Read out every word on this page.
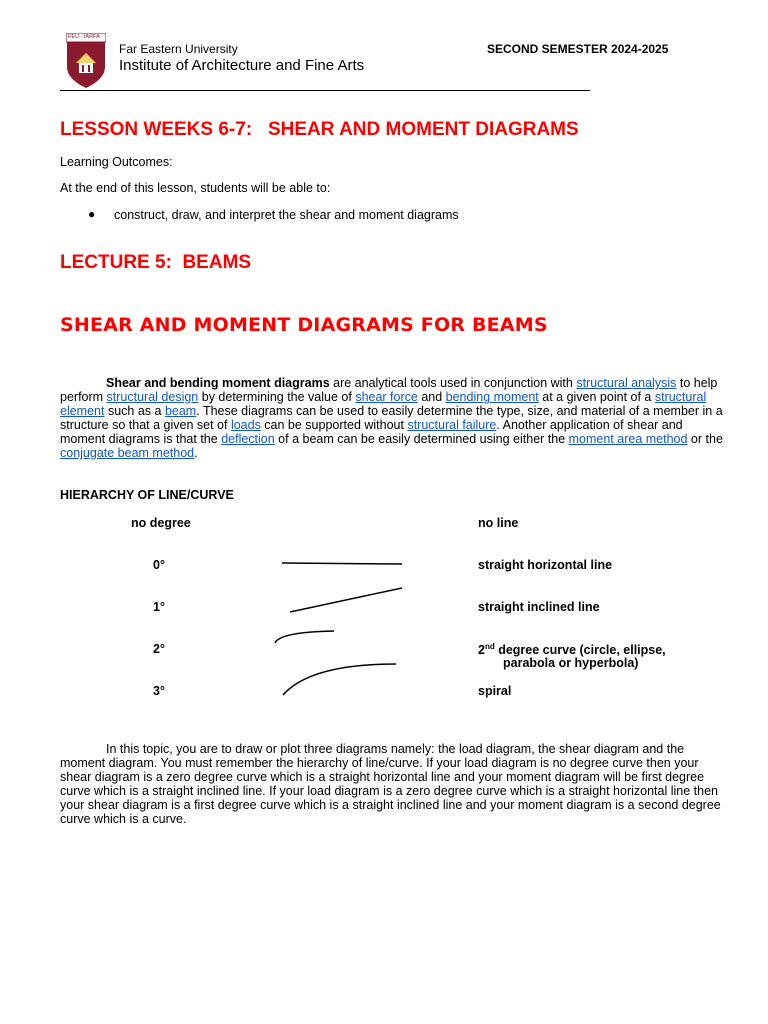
FEU · IARFA
Far Eastern University
Institute of Architecture and Fine Arts
SECOND SEMESTER 2024-2025
LESSON WEEKS 6-7:   SHEAR AND MOMENT DIAGRAMS
Learning Outcomes:
At the end of this lesson, students will be able to:
● construct, draw, and interpret the shear and moment diagrams
LECTURE 5:  BEAMS
SHEAR AND MOMENT DIAGRAMS FOR BEAMS
Shear and bending moment diagrams are analytical tools used in conjunction with structural analysis to help perform structural design by determining the value of shear force and bending moment at a given point of a structural element such as a beam. These diagrams can be used to easily determine the type, size, and material of a member in a structure so that a given set of loads can be supported without structural failure. Another application of shear and moment diagrams is that the deflection of a beam can be easily determined using either the moment area method or the conjugate beam method.
HIERARCHY OF LINE/CURVE
no degree	no line
0°	straight horizontal line
1°	straight inclined line
2°	2nd degree curve (circle, ellipse,
parabola or hyperbola)
3°	spiral
In this topic, you are to draw or plot three diagrams namely: the load diagram, the shear diagram and the moment diagram. You must remember the hierarchy of line/curve. If your load diagram is no degree curve then your shear diagram is a zero degree curve which is a straight horizontal line and your moment diagram will be first degree curve which is a straight inclined line. If your load diagram is a zero degree curve which is a straight horizontal line then your shear diagram is a first degree curve which is a straight inclined line and your moment diagram is a second degree curve which is a curve.
